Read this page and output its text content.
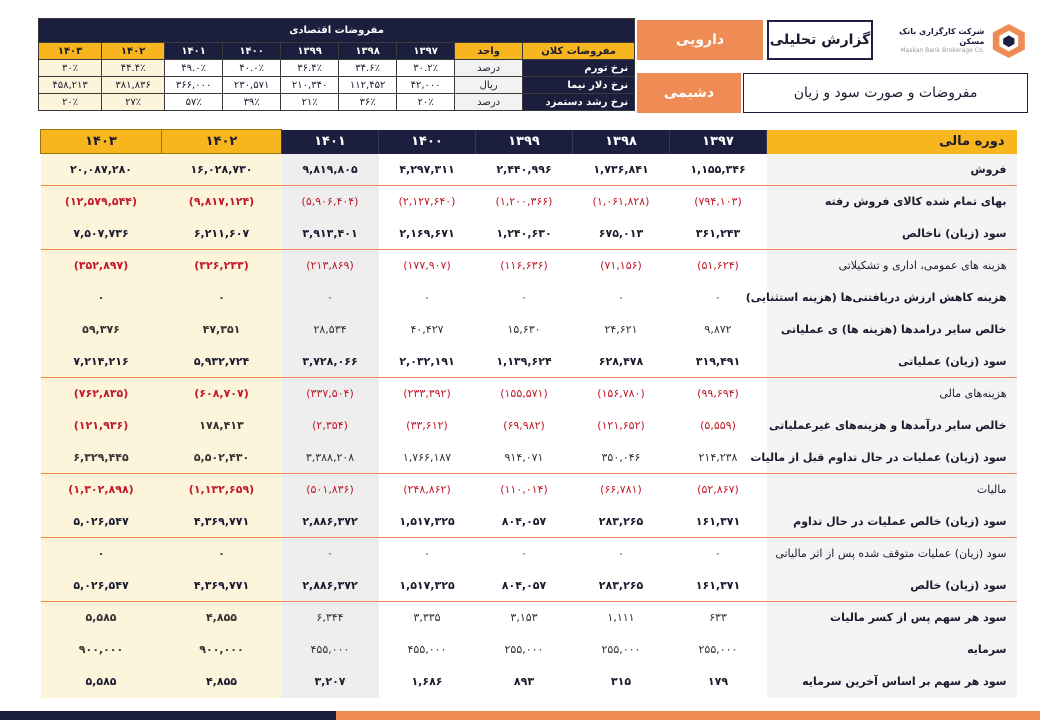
مفروضات اقتصادی								
مفروضات کلان	واحد	۱۳۹۷	۱۳۹۸	۱۳۹۹	۱۴۰۰	۱۴۰۱	۱۴۰۲	۱۴۰۳
نرخ تورم	درصد	۳۰.۲٪	۳۴.۶٪	۳۶.۴٪	۴۰.۰٪	۴۹.۰٪	۴۴.۴٪	۳۰٪
نرخ دلار نیما	ریال	۴۲,۰۰۰	۱۱۲,۴۵۲	۲۱۰,۳۴۰	۲۳۰,۵۷۱	۳۶۶,۰۰۰	۳۸۱,۸۳۶	۴۵۸,۲۱۳
نرخ رشد دستمزد	درصد	۲۰٪	۳۶٪	۲۱٪	۳۹٪	۵۷٪	۲۷٪	۲۰٪
شرکت کارگزاری بانک مسکن
Maskan Bank Brokerage Co.
گزارش تحلیلی
دارویی
مفروضات و صورت سود و زیان
دشیمی
دوره مالی	۱۳۹۷	۱۳۹۸	۱۳۹۹	۱۴۰۰	۱۴۰۱	۱۴۰۲	۱۴۰۳
فروش	۱,۱۵۵,۳۴۶	۱,۷۳۶,۸۴۱	۲,۴۴۰,۹۹۶	۴,۲۹۷,۳۱۱	۹,۸۱۹,۸۰۵	۱۶,۰۲۸,۷۳۰	۲۰,۰۸۷,۲۸۰
بهای تمام شده کالای فروش رفته	(۷۹۴,۱۰۳)	(۱,۰۶۱,۸۲۸)	(۱,۲۰۰,۳۶۶)	(۲,۱۲۷,۶۴۰)	(۵,۹۰۶,۴۰۴)	(۹,۸۱۷,۱۲۴)	(۱۲,۵۷۹,۵۴۴)
سود (زیان) ناخالص	۳۶۱,۲۴۳	۶۷۵,۰۱۳	۱,۲۴۰,۶۳۰	۲,۱۶۹,۶۷۱	۳,۹۱۳,۴۰۱	۶,۲۱۱,۶۰۷	۷,۵۰۷,۷۳۶
هزینه های عمومی، اداری و تشکیلاتی	(۵۱,۶۲۴)	(۷۱,۱۵۶)	(۱۱۶,۶۳۶)	(۱۷۷,۹۰۷)	(۲۱۳,۸۶۹)	(۳۲۶,۲۳۳)	(۳۵۲,۸۹۷)
هزینه کاهش ارزش دریافتنی‌ها (هزینه استثنایی)	۰	۰	۰	۰	۰	۰	۰
خالص سایر درامدها (هزینه ها) ی عملیاتی	۹,۸۷۲	۲۴,۶۲۱	۱۵,۶۳۰	۴۰,۴۲۷	۲۸,۵۳۴	۴۷,۳۵۱	۵۹,۳۷۶
سود (زیان) عملیاتی	۳۱۹,۴۹۱	۶۲۸,۴۷۸	۱,۱۳۹,۶۲۴	۲,۰۳۲,۱۹۱	۳,۷۲۸,۰۶۶	۵,۹۳۲,۷۲۴	۷,۲۱۴,۲۱۶
هزینه‌های مالی	(۹۹,۶۹۴)	(۱۵۶,۷۸۰)	(۱۵۵,۵۷۱)	(۲۳۳,۳۹۲)	(۳۳۷,۵۰۴)	(۶۰۸,۷۰۷)	(۷۶۲,۸۳۵)
خالص سایر درآمدها و هزینه‌های غیرعملیاتی	(۵,۵۵۹)	(۱۲۱,۶۵۲)	(۶۹,۹۸۲)	(۳۳,۶۱۲)	(۲,۳۵۴)	۱۷۸,۴۱۳	(۱۲۱,۹۳۶)
سود (زیان) عملیات در حال تداوم قبل از مالیات	۲۱۴,۲۳۸	۳۵۰,۰۴۶	۹۱۴,۰۷۱	۱,۷۶۶,۱۸۷	۳,۳۸۸,۲۰۸	۵,۵۰۲,۴۳۰	۶,۳۲۹,۴۴۵
مالیات	(۵۲,۸۶۷)	(۶۶,۷۸۱)	(۱۱۰,۰۱۴)	(۲۴۸,۸۶۲)	(۵۰۱,۸۳۶)	(۱,۱۳۲,۶۵۹)	(۱,۳۰۲,۸۹۸)
سود (زیان) خالص عملیات در حال تداوم	۱۶۱,۳۷۱	۲۸۳,۲۶۵	۸۰۴,۰۵۷	۱,۵۱۷,۳۲۵	۲,۸۸۶,۳۷۲	۴,۳۶۹,۷۷۱	۵,۰۲۶,۵۴۷
سود (زیان) عملیات متوقف شده پس از اثر مالیاتی	۰	۰	۰	۰	۰	۰	۰
سود (زیان) خالص	۱۶۱,۳۷۱	۲۸۳,۲۶۵	۸۰۴,۰۵۷	۱,۵۱۷,۳۲۵	۲,۸۸۶,۳۷۲	۴,۳۶۹,۷۷۱	۵,۰۲۶,۵۴۷
سود هر سهم پس از کسر مالیات	۶۳۳	۱,۱۱۱	۳,۱۵۳	۳,۳۳۵	۶,۳۴۴	۴,۸۵۵	۵,۵۸۵
سرمایه	۲۵۵,۰۰۰	۲۵۵,۰۰۰	۲۵۵,۰۰۰	۴۵۵,۰۰۰	۴۵۵,۰۰۰	۹۰۰,۰۰۰	۹۰۰,۰۰۰
سود هر سهم بر اساس آخرین سرمایه	۱۷۹	۳۱۵	۸۹۳	۱,۶۸۶	۳,۲۰۷	۴,۸۵۵	۵,۵۸۵
